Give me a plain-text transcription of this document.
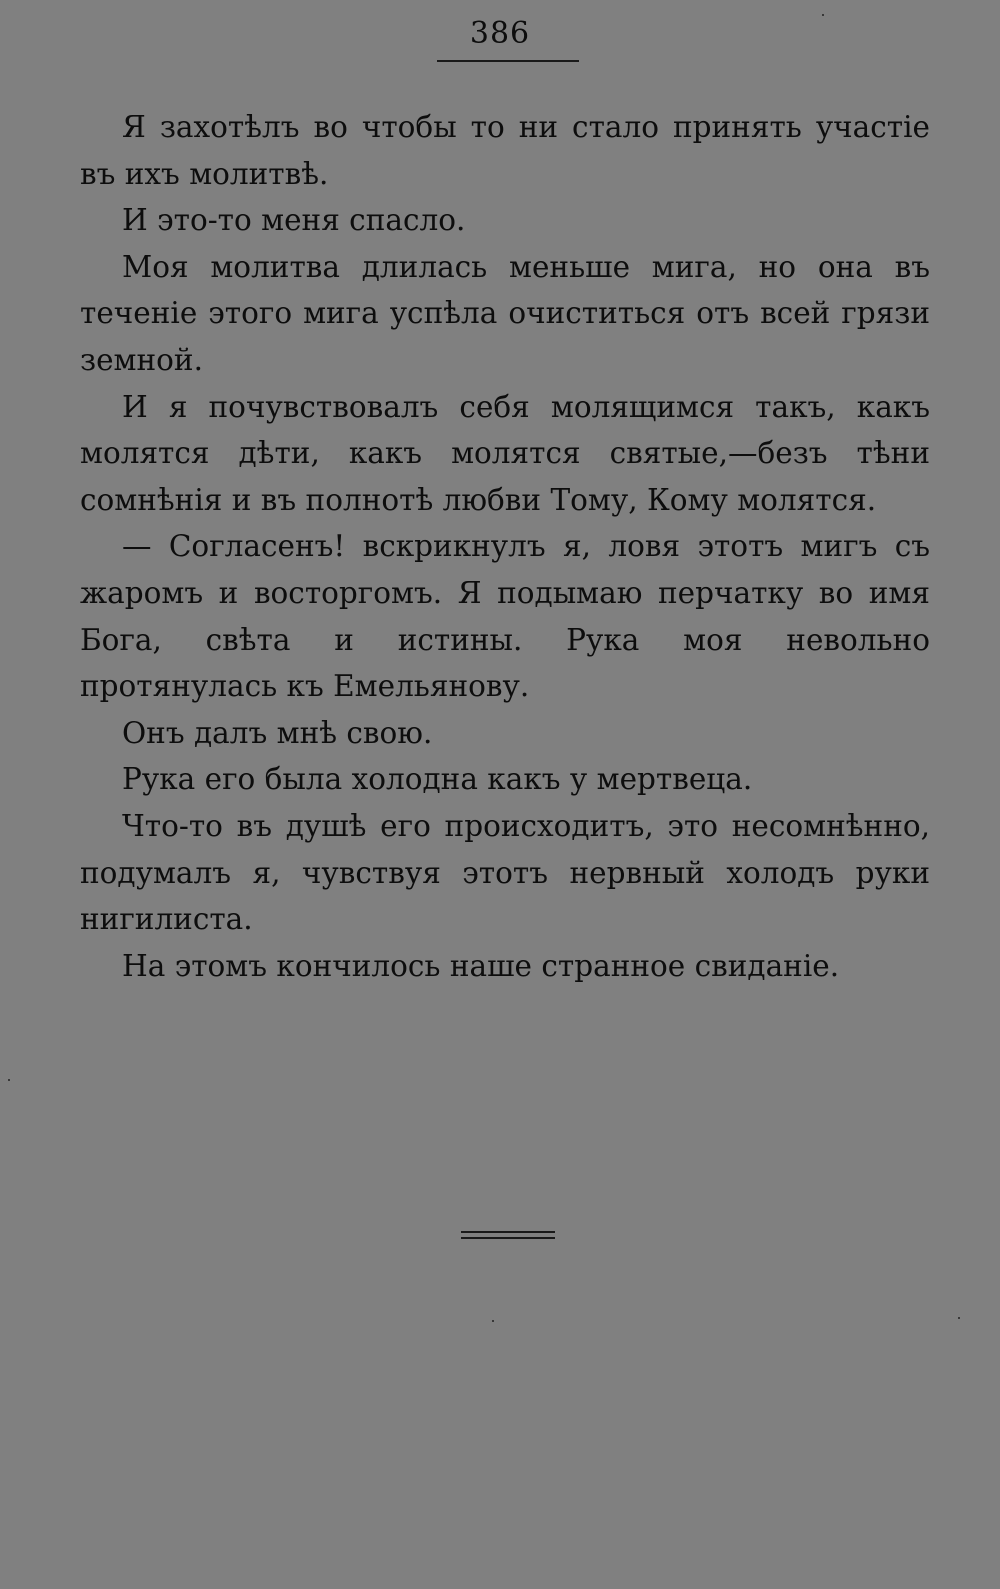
386

Я захотѣлъ во чтобы то ни стало принять участіе въ ихъ молитвѣ.

И это-то меня спасло.

Моя молитва длилась меньше мига, но она въ теченіе этого мига успѣла очиститься отъ всей грязи земной.

И я почувствовалъ себя молящимся такъ, какъ молятся дѣти, какъ молятся святые,—безъ тѣни сомнѣнія и въ полнотѣ любви Тому, Кому молятся.

— Согласенъ! вскрикнулъ я, ловя этотъ мигъ съ жаромъ и восторгомъ. Я подымаю перчатку во имя Бога, свѣта и истины. Рука моя невольно протянулась къ Емельянову.

Онъ далъ мнѣ свою.

Рука его была холодна какъ у мертвеца.

Что-то въ душѣ его происходитъ, это несомнѣнно, подумалъ я, чувствуя этотъ нервный холодъ руки нигилиста.

На этомъ кончилось наше странное свиданіе.
